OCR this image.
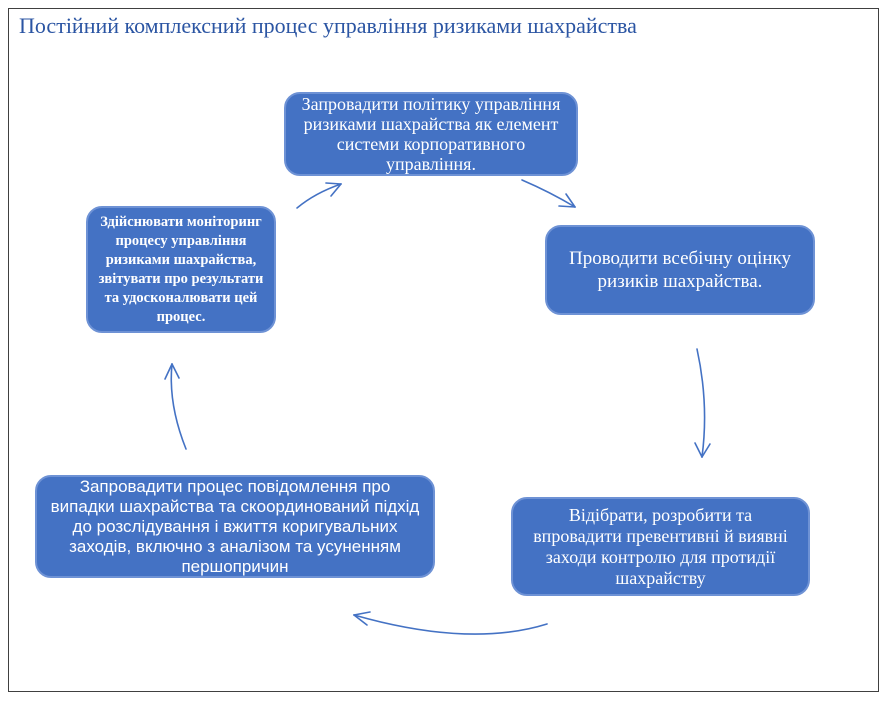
Постійний комплексний процес управління ризиками шахрайства
Запровадити політику управління ризиками шахрайства як елемент системи корпоративного управління.
Проводити всебічну оцінку ризиків шахрайства.
Відібрати, розробити та впровадити превентивні й виявні заходи контролю для протидії шахрайству
Запровадити процес повідомлення про випадки шахрайства та скоординований підхід до розслідування і вжиття коригувальних заходів, включно з аналізом та усуненням першопричин
Здійснювати моніторинг процесу управління ризиками шахрайства, звітувати про результати та удосконалювати цей процес.
